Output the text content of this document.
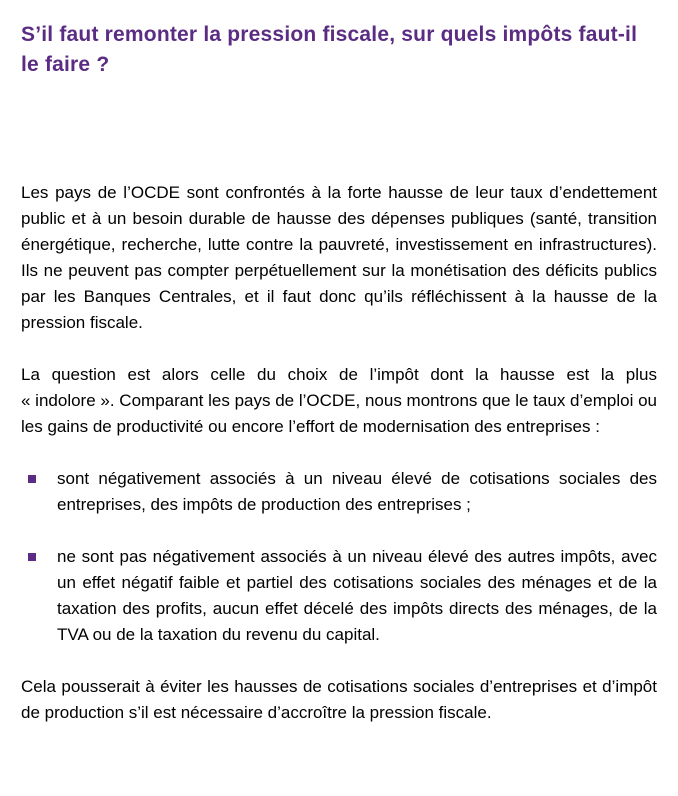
S’il faut remonter la pression fiscale, sur quels impôts faut-il le faire ?

Les pays de l’OCDE sont confrontés à la forte hausse de leur taux d’endettement public et à un besoin durable de hausse des dépenses publiques (santé, transition énergétique, recherche, lutte contre la pauvreté, investissement en infrastructures). Ils ne peuvent pas compter perpétuellement sur la monétisation des déficits publics par les Banques Centrales, et il faut donc qu’ils réfléchissent à la hausse de la pression fiscale.

La question est alors celle du choix de l’impôt dont la hausse est la plus « indolore ». Comparant les pays de l’OCDE, nous montrons que le taux d’emploi ou les gains de productivité ou encore l’effort de modernisation des entreprises :

sont négativement associés à un niveau élevé de cotisations sociales des entreprises, des impôts de production des entreprises ;
ne sont pas négativement associés à un niveau élevé des autres impôts, avec un effet négatif faible et partiel des cotisations sociales des ménages et de la taxation des profits, aucun effet décelé des impôts directs des ménages, de la TVA ou de la taxation du revenu du capital.

Cela pousserait à éviter les hausses de cotisations sociales d’entreprises et d’impôt de production s’il est nécessaire d’accroître la pression fiscale.
